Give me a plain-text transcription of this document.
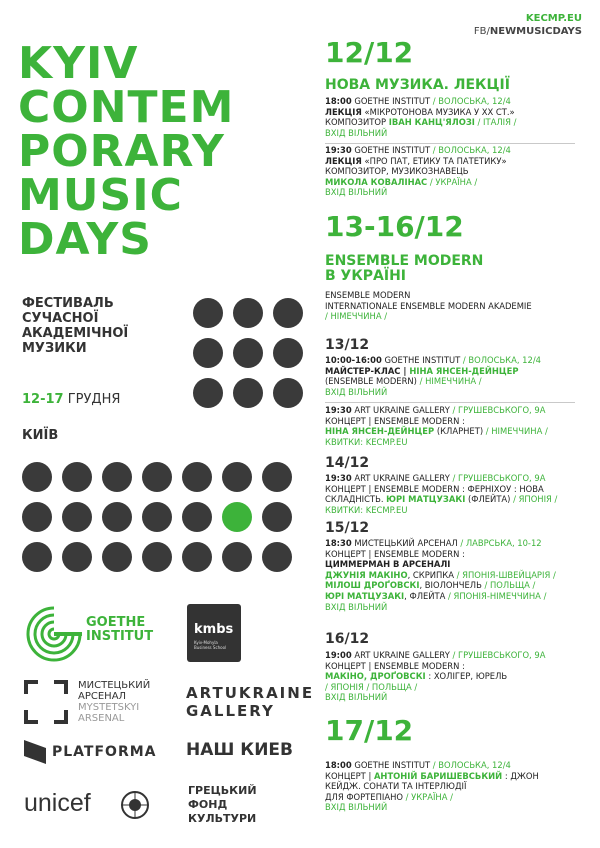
KECMP.EU
FB/NEWMUSICDAYS
KYIV
CONTEM
PORARY
MUSIC
DAYS
ФЕСТИВАЛЬ
СУЧАСНОЇ
АКАДЕМІЧНОЇ
МУЗИКИ
12-17 ГРУДНЯ
КИЇВ
GOETHE
INSTITUT	kmbs
Kyiv-Mohyla Business School
МИСТЕЦЬКИЙ
АРСЕНАЛ
MYSTETSKYI
ARSENAL
ARTUKRAINE
GALLERY
PLATFORMA НАШ КИЕВ
unicef	ГРЕЦЬКИЙ
ФОНД
КУЛЬТУРИ
12/12
НОВА МУЗИКА. ЛЕКЦІЇ
18:00 GOETHE INSTITUT / ВОЛОСЬКА, 12/4
ЛЕКЦІЯ «МІКРОТОНОВА МУЗИКА У XX СТ.»
КОМПОЗИТОР ІВАН КАНЦ'ЯЛОЗІ / ІТАЛІЯ /
ВХІД ВІЛЬНИЙ
19:30 GOETHE INSTITUT / ВОЛОСЬКА, 12/4
ЛЕКЦІЯ «ПРО ПАТ, ЕТИКУ ТА ПАТЕТИКУ»
КОМПОЗИТОР, МУЗИКОЗНАВЕЦЬ
МИКОЛА КОВАЛІНАС / УКРАЇНА /
ВХІД ВІЛЬНИЙ
13-16/12
ENSEMBLE MODERN
В УКРАЇНІ
ENSEMBLE MODERN
INTERNATIONALE ENSEMBLE MODERN AKADEMIE
/ НІМЕЧЧИНА /
13/12
10:00-16:00 GOETHE INSTITUT / ВОЛОСЬКА, 12/4
МАЙСТЕР-КЛАС | НІНА ЯНСЕН-ДЕЙНЦЕР
(ENSEMBLE MODERN) / НІМЕЧЧИНА /
ВХІД ВІЛЬНИЙ
19:30 ART UKRAINE GALLERY / ГРУШЕВСЬКОГО, 9А
КОНЦЕРТ | ENSEMBLE MODERN :
НІНА ЯНСЕН-ДЕЙНЦЕР (КЛАРНЕТ) / НІМЕЧЧИНА /
КВИТКИ: KECMP.EU
14/12
19:30 ART UKRAINE GALLERY / ГРУШЕВСЬКОГО, 9А
КОНЦЕРТ | ENSEMBLE MODERN : ФЕРНІХОУ : НОВА
СКЛАДНІСТЬ. ЮРІ МАТЦУЗАКІ (ФЛЕЙТА) / ЯПОНІЯ /
КВИТКИ: KECMP.EU
15/12
18:30 МИСТЕЦЬКИЙ АРСЕНАЛ / ЛАВРСЬКА, 10-12
КОНЦЕРТ | ENSEMBLE MODERN :
ЦИММЕРМАН В АРСЕНАЛІ
ДЖУНІЯ МАКІНО, СКРИПКА / ЯПОНІЯ-ШВЕЙЦАРІЯ /
МІЛОШ ДРОҐОВСКІ, ВІОЛОНЧЕЛЬ / ПОЛЬЩА /
ЮРІ МАТЦУЗАКІ, ФЛЕЙТА / ЯПОНІЯ-НІМЕЧЧИНА /
ВХІД ВІЛЬНИЙ
16/12
19:00 ART UKRAINE GALLERY / ГРУШЕВСЬКОГО, 9А
КОНЦЕРТ | ENSEMBLE MODERN :
МАКІНО, ДРОҐОВСКІ : ХОЛІГЕР, ЮРЕЛЬ
/ ЯПОНІЯ / ПОЛЬЩА /
ВХІД ВІЛЬНИЙ
17/12
18:00 GOETHE INSTITUT / ВОЛОСЬКА, 12/4
КОНЦЕРТ | АНТОНІЙ БАРИШЕВСЬКИЙ : ДЖОН
КЕЙДЖ. СОНАТИ ТА ІНТЕРЛЮДІЇ
ДЛЯ ФОРТЕПІАНО / УКРАЇНА /
ВХІД ВІЛЬНИЙ
